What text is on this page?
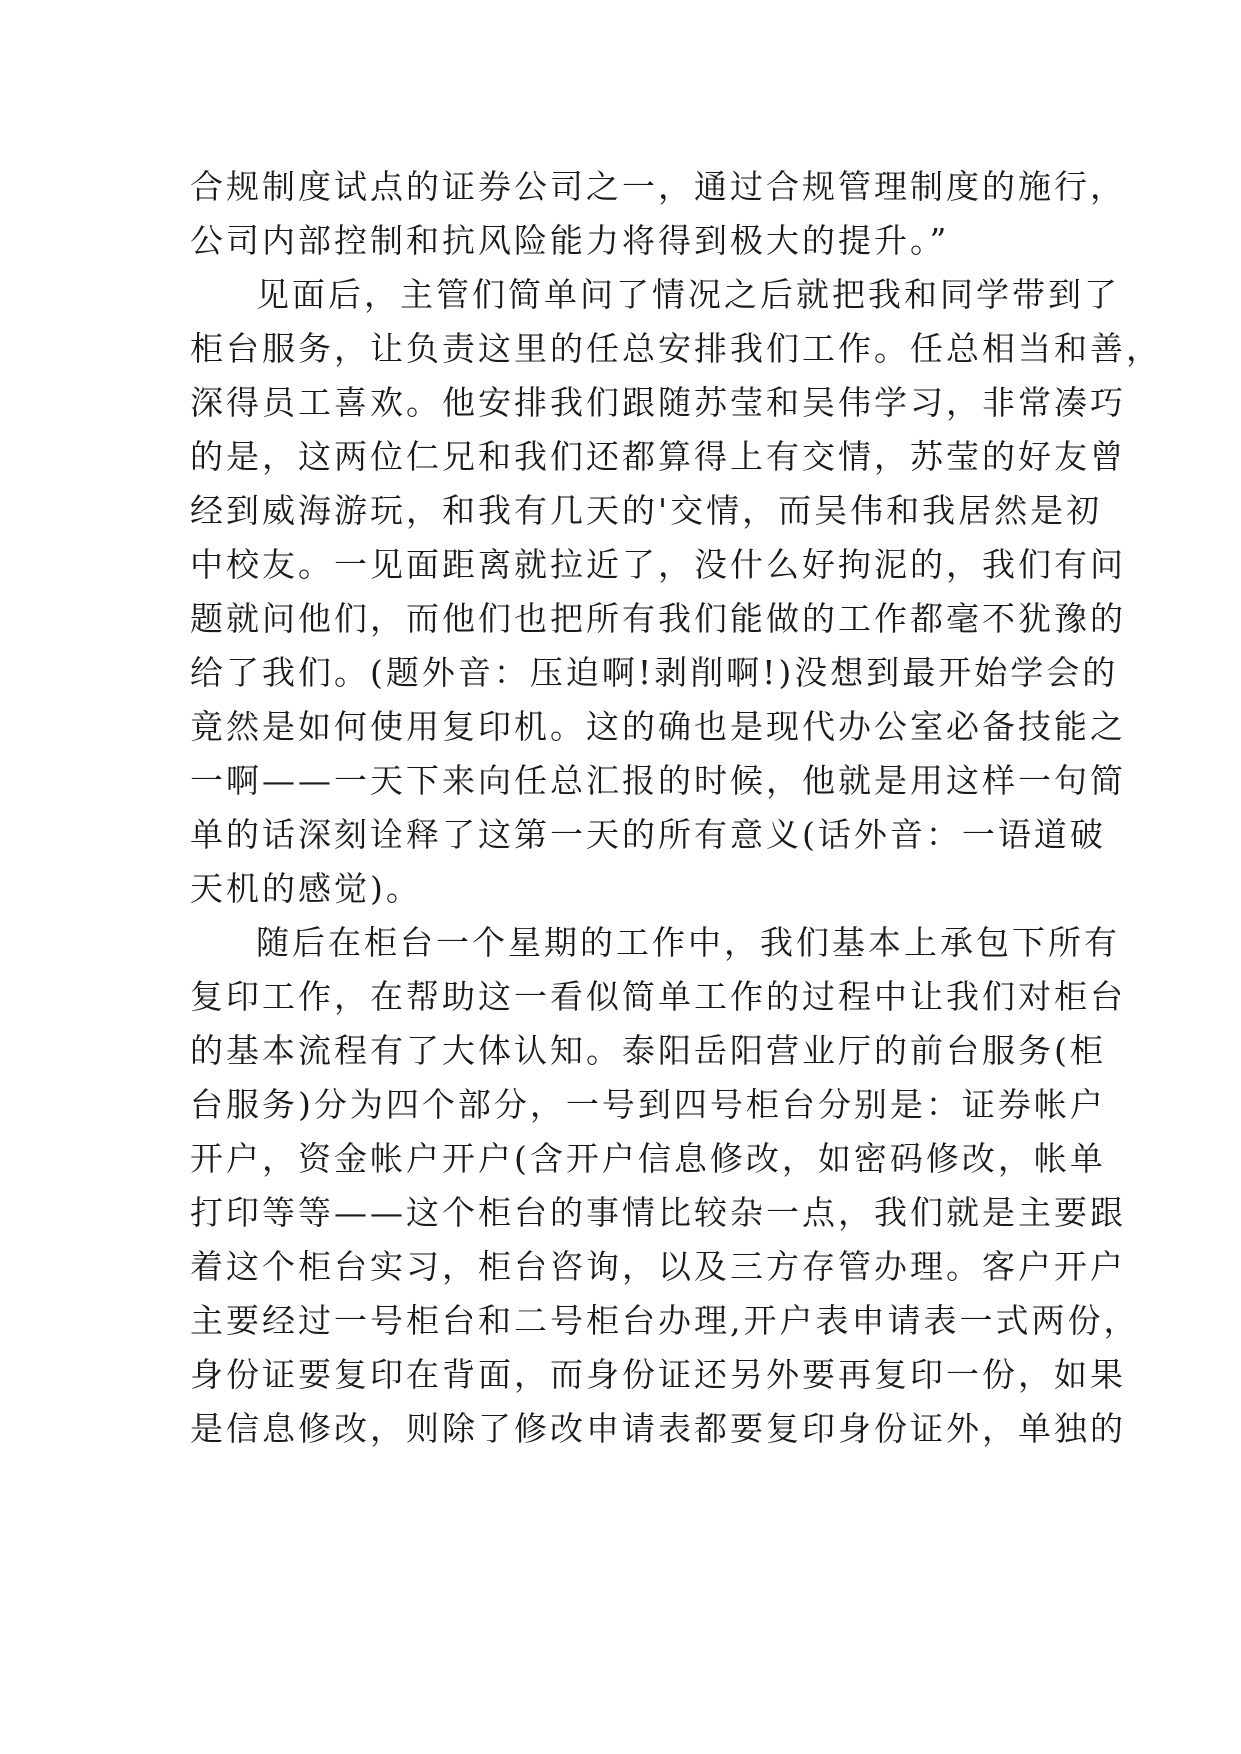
合规制度试点的证券公司之一，通过合规管理制度的施行，
公司内部控制和抗风险能力将得到极大的提升。”
见面后，主管们简单问了情况之后就把我和同学带到了
柜台服务，让负责这里的任总安排我们工作。任总相当和善，
深得员工喜欢。他安排我们跟随苏莹和吴伟学习，非常凑巧
的是，这两位仁兄和我们还都算得上有交情，苏莹的好友曾
经到威海游玩，和我有几天的'交情，而吴伟和我居然是初
中校友。一见面距离就拉近了，没什么好拘泥的，我们有问
题就问他们，而他们也把所有我们能做的工作都毫不犹豫的
给了我们。(题外音：压迫啊!剥削啊!)没想到最开始学会的
竟然是如何使用复印机。这的确也是现代办公室必备技能之
一啊——一天下来向任总汇报的时候，他就是用这样一句简
单的话深刻诠释了这第一天的所有意义(话外音：一语道破
天机的感觉)。
随后在柜台一个星期的工作中，我们基本上承包下所有
复印工作，在帮助这一看似简单工作的过程中让我们对柜台
的基本流程有了大体认知。泰阳岳阳营业厅的前台服务(柜
台服务)分为四个部分，一号到四号柜台分别是：证券帐户
开户，资金帐户开户(含开户信息修改，如密码修改，帐单
打印等等——这个柜台的事情比较杂一点，我们就是主要跟
着这个柜台实习，柜台咨询，以及三方存管办理。客户开户
主要经过一号柜台和二号柜台办理,开户表申请表一式两份，
身份证要复印在背面，而身份证还另外要再复印一份，如果
是信息修改，则除了修改申请表都要复印身份证外，单独的
